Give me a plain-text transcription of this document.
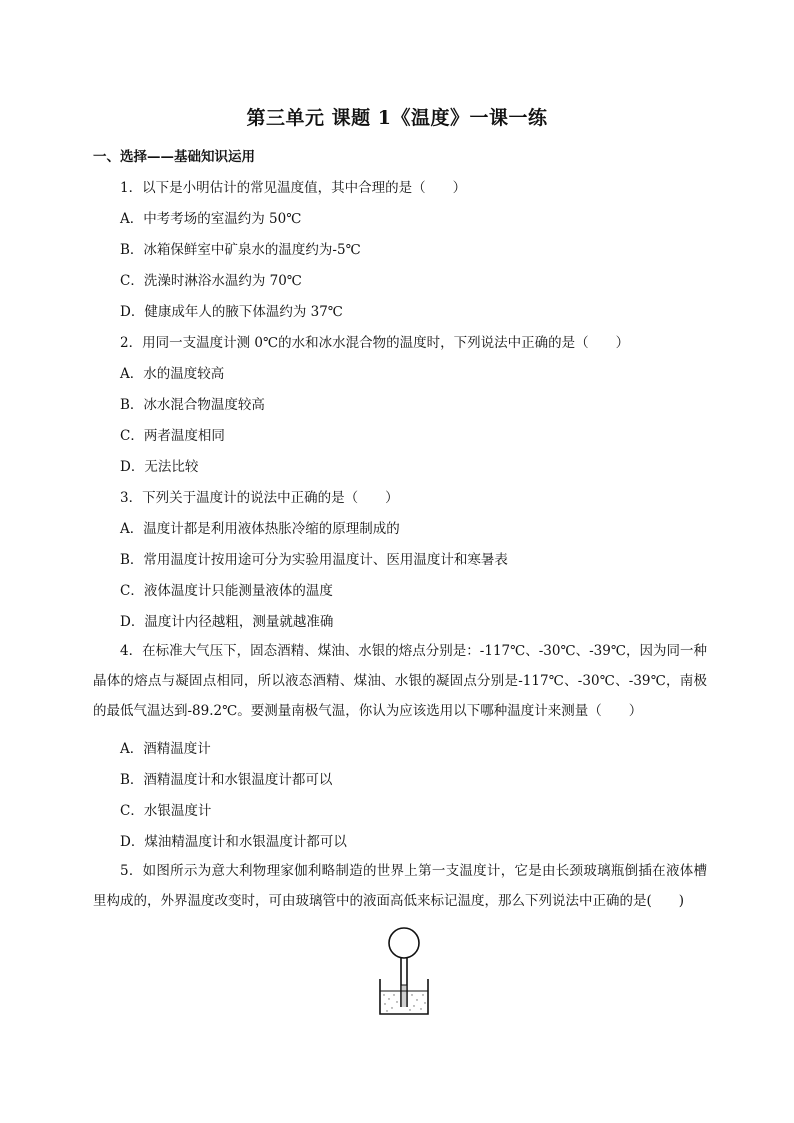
第三单元 课题 1《温度》一课一练
一、选择——基础知识运用
1．以下是小明估计的常见温度值，其中合理的是（　　）
A．中考考场的室温约为 50℃
B．冰箱保鲜室中矿泉水的温度约为-5℃
C．洗澡时淋浴水温约为 70℃
D．健康成年人的腋下体温约为 37℃
2．用同一支温度计测 0℃的水和冰水混合物的温度时，下列说法中正确的是（　　）
A．水的温度较高
B．冰水混合物温度较高
C．两者温度相同
D．无法比较
3．下列关于温度计的说法中正确的是（　　）
A．温度计都是利用液体热胀冷缩的原理制成的
B．常用温度计按用途可分为实验用温度计、医用温度计和寒暑表
C．液体温度计只能测量液体的温度
D．温度计内径越粗，测量就越准确
4．在标准大气压下，固态酒精、煤油、水银的熔点分别是：-117℃、-30℃、-39℃，因为同一种晶体的熔点与凝固点相同，所以液态酒精、煤油、水银的凝固点分别是-117℃、-30℃、-39℃，南极的最低气温达到-89.2℃。要测量南极气温，你认为应该选用以下哪种温度计来测量（　　）
A．酒精温度计
B．酒精温度计和水银温度计都可以
C．水银温度计
D．煤油精温度计和水银温度计都可以
5．如图所示为意大利物理家伽利略制造的世界上第一支温度计，它是由长颈玻璃瓶倒插在液体槽里构成的，外界温度改变时，可由玻璃管中的液面高低来标记温度，那么下列说法中正确的是(　　)
